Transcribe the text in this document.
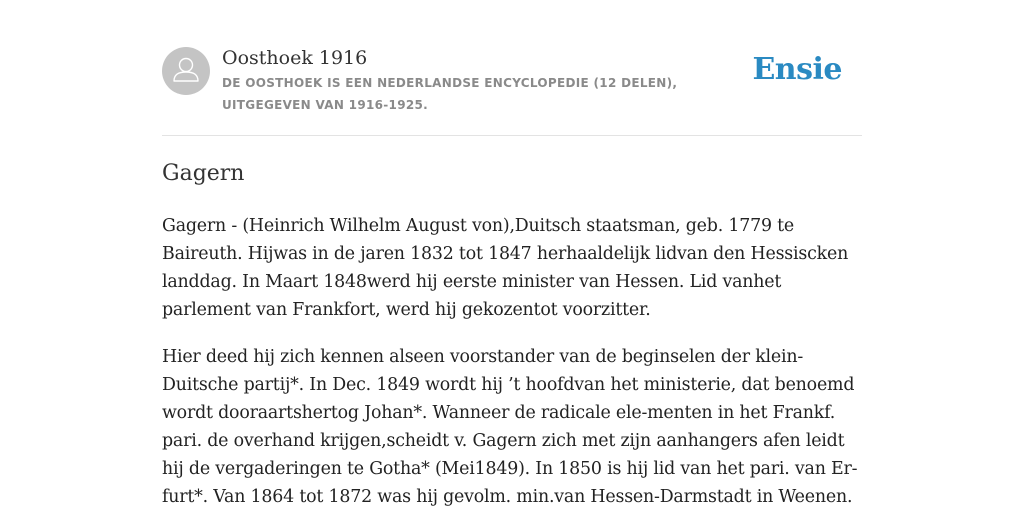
Oosthoek 1916
DE OOSTHOEK IS EEN NEDERLANDSE ENCYCLOPEDIE (12 DELEN), UITGEGEVEN VAN 1916-1925.
Ensie
Gagern

Gagern - (Heinrich Wilhelm August von),Duitsch staatsman, geb. 1779 te Baireuth. Hijwas in de jaren 1832 tot 1847 herhaaldelijk lidvan den Hessiscken landdag. In Maart 1848werd hij eerste minister van Hessen. Lid vanhet parlement van Frankfort, werd hij gekozentot voorzitter.

Hier deed hij zich kennen alseen voorstander van de beginselen der klein-Duitsche partij*. In Dec. 1849 wordt hij ’t hoofdvan het ministerie, dat benoemd wordt dooraartshertog Johan*. Wanneer de radicale ele-menten in het Frankf. pari. de overhand krijgen,scheidt v. Gagern zich met zijn aanhangers afen leidt hij de vergaderingen te Gotha* (Mei1849). In 1850 is hij lid van het pari. van Er-furt*. Van 1864 tot 1872 was hij gevolm. min.van Hessen-Darmstadt in Weenen.
